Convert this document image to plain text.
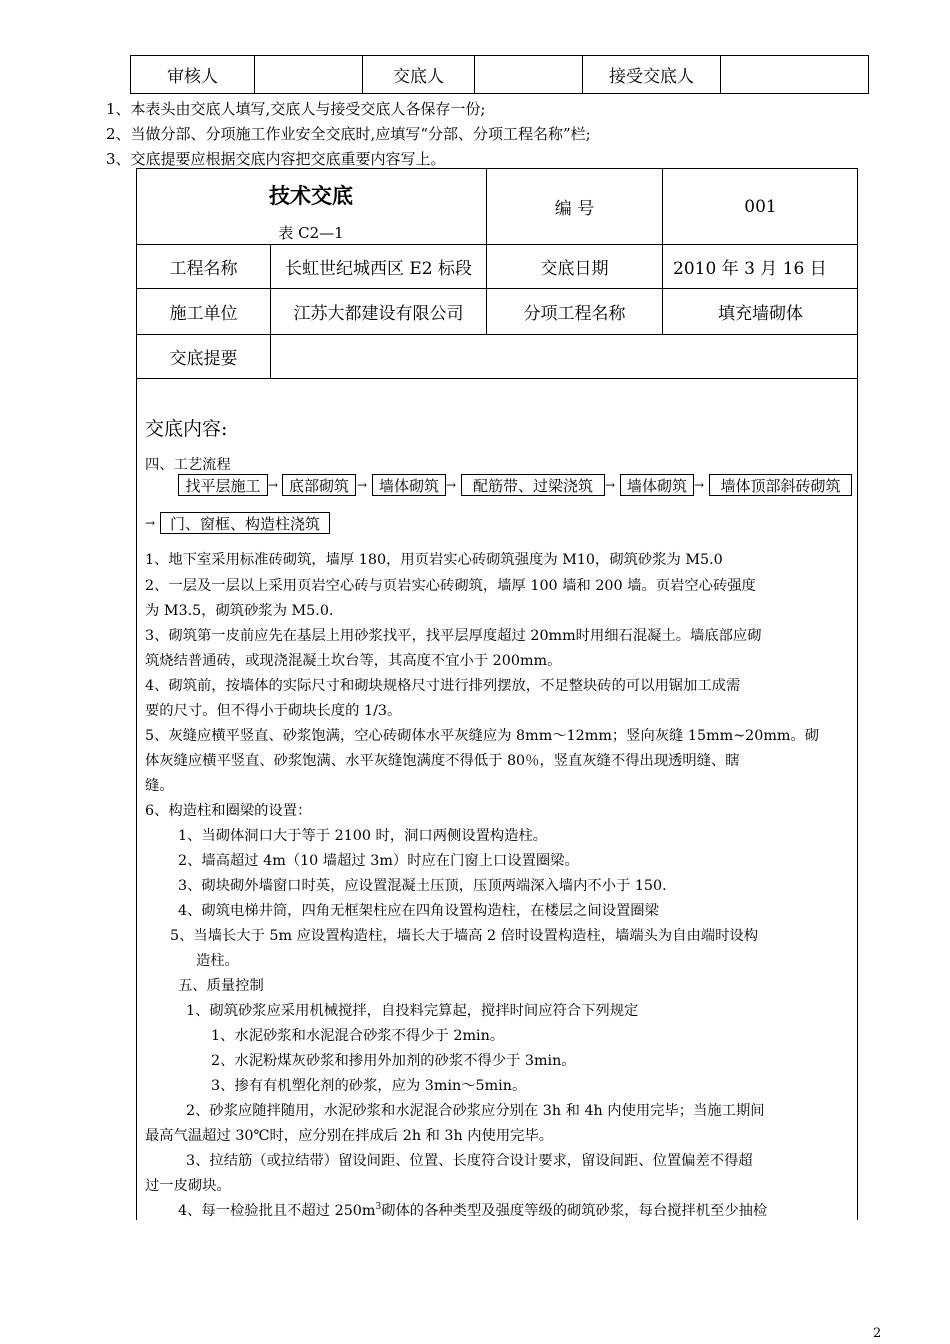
审核人		交底人		接受交底人	
1、本表头由交底人填写,交底人与接受交底人各保存一份;
2、当做分部、分项施工作业安全交底时,应填写“分部、分项工程名称”栏;
3、交底提要应根据交底内容把交底重要内容写上。
技术交底
表 C2—1
编 号	001
工程名称	长虹世纪城西区 E2 标段	交底日期	2010 年 3 月 16 日
施工单位	江苏大都建设有限公司	分项工程名称	填充墙砌体
交底提要
交底内容:
四、工艺流程
找平层施工 → 底部砌筑 → 墙体砌筑 →	配筋带、过梁浇筑	→ 墙体砌筑 →	墙体顶部斜砖砌筑
→ 门、窗框、构造柱浇筑
1、地下室采用标准砖砌筑，墙厚 180，用页岩实心砖砌筑强度为 M10，砌筑砂浆为 M5.0
2、一层及一层以上采用页岩空心砖与页岩实心砖砌筑，墙厚 100 墙和 200 墙。页岩空心砖强度
为 M3.5，砌筑砂浆为 M5.0.
3、砌筑第一皮前应先在基层上用砂浆找平，找平层厚度超过 20mm时用细石混凝土。墙底部应砌
筑烧结普通砖，或现浇混凝土坎台等，其高度不宜小于 200mm。
4、砌筑前，按墙体的实际尺寸和砌块规格尺寸进行排列摆放，不足整块砖的可以用锯加工成需
要的尺寸。但不得小于砌块长度的 1/3。
5、灰缝应横平竖直、砂浆饱满，空心砖砌体水平灰缝应为 8mm～12mm；竖向灰缝 15mm~20mm。砌
体灰缝应横平竖直、砂浆饱满、水平灰缝饱满度不得低于 80％，竖直灰缝不得出现透明缝、瞎
缝。
6、构造柱和圈梁的设置：
1、当砌体洞口大于等于 2100 时，洞口两侧设置构造柱。
2、墙高超过 4m（10 墙超过 3m）时应在门窗上口设置圈梁。
3、砌块砌外墙窗口时英，应设置混凝土压顶，压顶两端深入墙内不小于 150.
4、砌筑电梯井筒，四角无框架柱应在四角设置构造柱，在楼层之间设置圈梁
5、当墙长大于 5m 应设置构造柱，墙长大于墙高 2 倍时设置构造柱，墙端头为自由端时设构
造柱。
五、质量控制
1、砌筑砂浆应采用机械搅拌，自投料完算起，搅拌时间应符合下列规定
1、水泥砂浆和水泥混合砂浆不得少于 2min。
2、水泥粉煤灰砂浆和掺用外加剂的砂浆不得少于 3min。
3、掺有有机塑化剂的砂浆，应为 3min～5min。
2、砂浆应随拌随用，水泥砂浆和水泥混合砂浆应分别在 3h 和 4h 内使用完毕；当施工期间
最高气温超过 30℃时，应分别在拌成后 2h 和 3h 内使用完毕。
3、拉结筋（或拉结带）留设间距、位置、长度符合设计要求，留设间距、位置偏差不得超
过一皮砌块。
4、每一检验批且不超过 $250m^3$砌体的各种类型及强度等级的砌筑砂浆，每台搅拌机至少抽检
2
